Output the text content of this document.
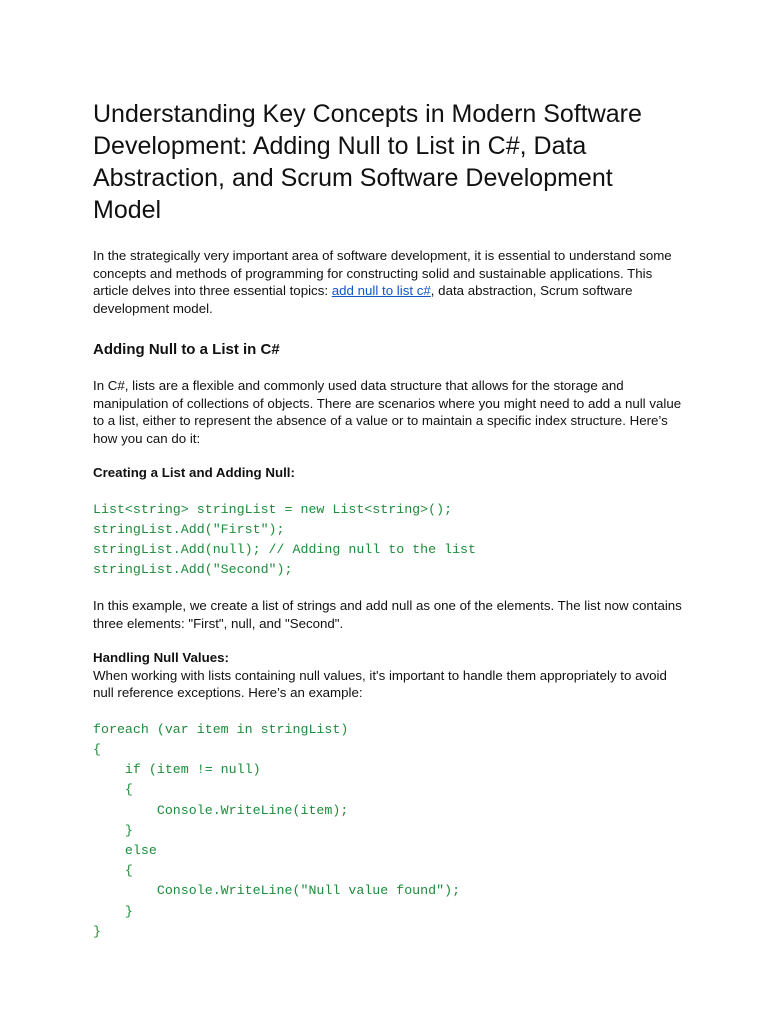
Understanding Key Concepts in Modern Software Development: Adding Null to List in C#, Data Abstraction, and Scrum Software Development Model

In the strategically very important area of software development, it is essential to understand some concepts and methods of programming for constructing solid and sustainable applications. This article delves into three essential topics: add null to list c#, data abstraction, Scrum software development model.

Adding Null to a List in C#

In C#, lists are a flexible and commonly used data structure that allows for the storage and manipulation of collections of objects. There are scenarios where you might need to add a null value to a list, either to represent the absence of a value or to maintain a specific index structure. Here’s how you can do it:

Creating a List and Adding Null:
List<string> stringList = new List<string>();
stringList.Add("First");
stringList.Add(null); // Adding null to the list
stringList.Add("Second");

In this example, we create a list of strings and add null as one of the elements. The list now contains three elements: "First", null, and "Second".

Handling Null Values:

When working with lists containing null values, it's important to handle them appropriately to avoid null reference exceptions. Here’s an example:

foreach (var item in stringList)
{
if (item != null)
{
Console.WriteLine(item);
}
else
{
Console.WriteLine("Null value found");
}
}
